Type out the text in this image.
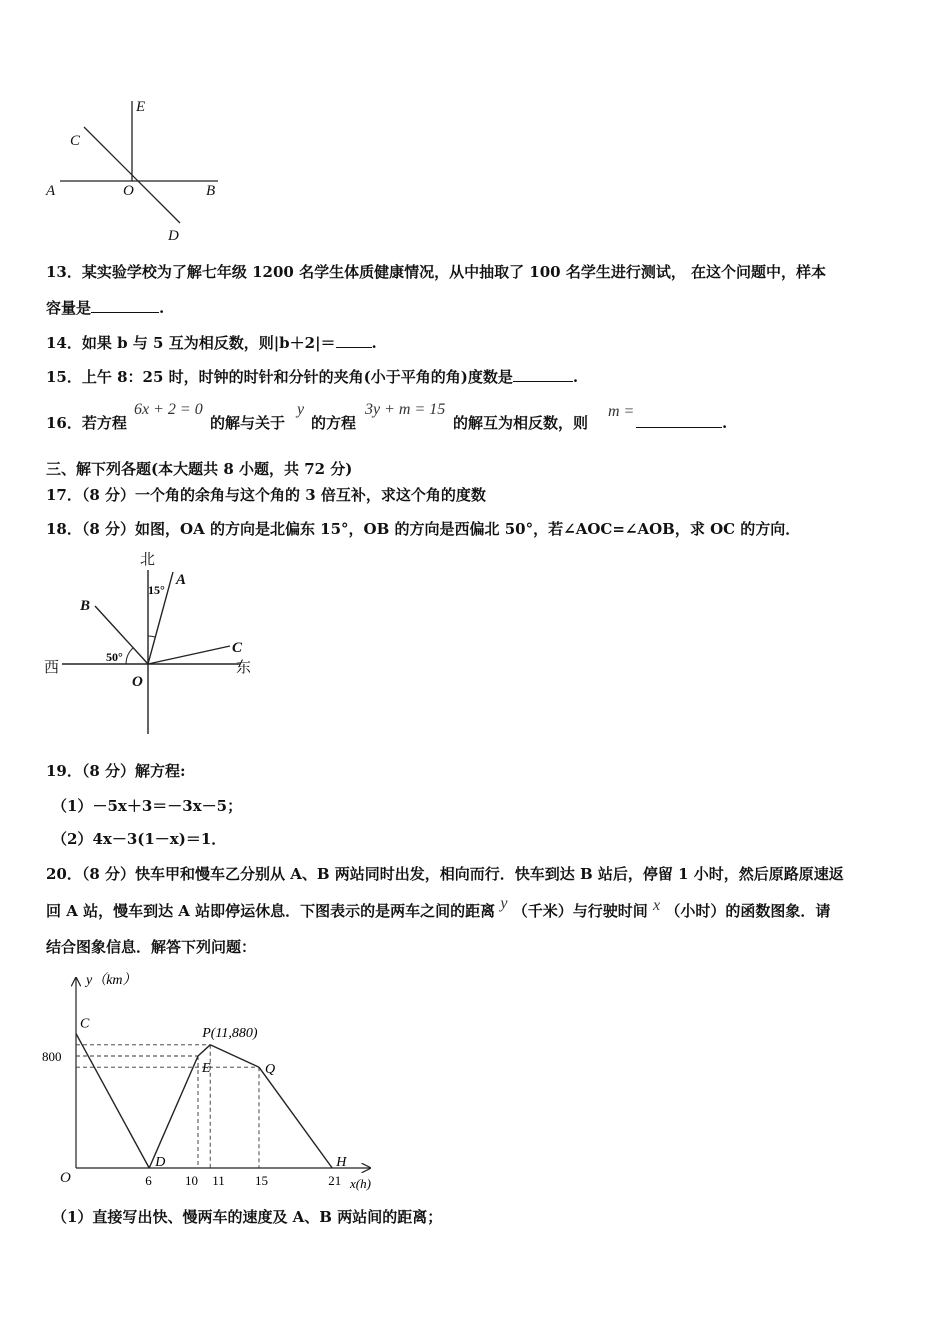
E
C
A	O	B
D
13．某实验学校为了解七年级 1200 名学生体质健康情况，从中抽取了 100 名学生进行测试， 在这个问题中，样本
容量是	.
14．如果 b 与 5 互为相反数，则|b＋2|＝ .
15．上午 8：25 时，时钟的时针和分针的夹角(小于平角的角)度数是	.
16．若方程
6x + 2 = 0
的解与关于
y
的方程
3y + m = 15
的解互为相反数，则
m =
.
三、解下列各题(本大题共 8 小题，共 72 分)
17．（8 分）一个角的余角与这个角的 3 倍互补，求这个角的度数
18．（8 分）如图，OA 的方向是北偏东 15°，OB 的方向是西偏北 50°，若∠AOC=∠AOB，求 OC 的方向．
北
西	东
A
B
C
O
15°
50°
19．（8 分）解方程:
（1）－5x＋3＝－3x－5；
（2）4x－3(1－x)＝1．
20．（8 分）快车甲和慢车乙分别从 A、B 两站同时出发，相向而行．快车到达 B 站后，停留 1 小时，然后原路原速返
回 A 站，慢车到达 A 站即停运休息．下图表示的是两车之间的距离 y （千米）与行驶时间 x （小时）的函数图象．请
结合图象信息．解答下列问题：
y（km）
x(h)
O	6	10 11 15	21
800
C
D
E
P(11,880)
Q
H
（1）直接写出快、慢两车的速度及 A、B 两站间的距离；
